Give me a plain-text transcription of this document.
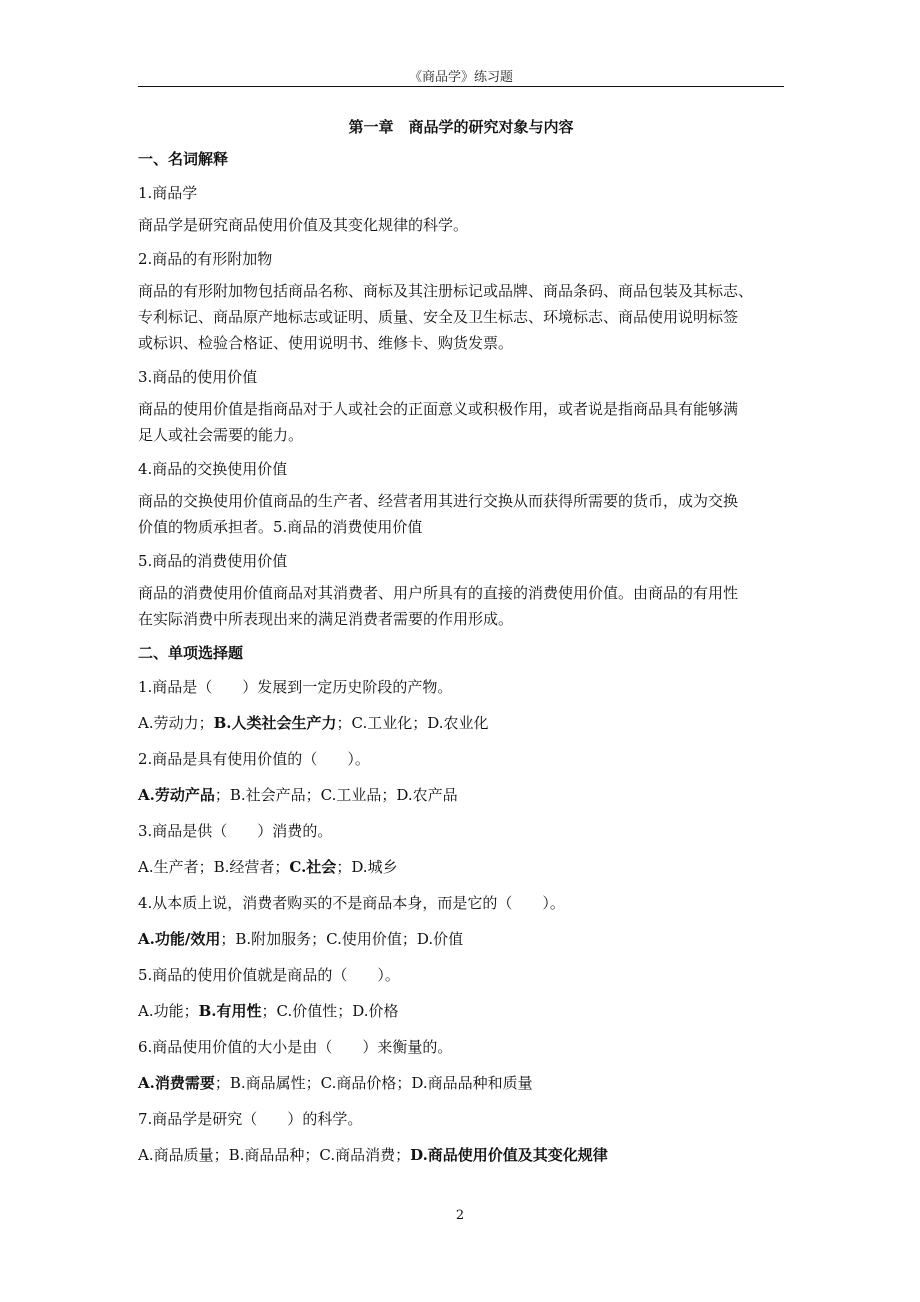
《商品学》练习题

第一章　商品学的研究对象与内容

一、名词解释

1.商品学

商品学是研究商品使用价值及其变化规律的科学。

2.商品的有形附加物

商品的有形附加物包括商品名称、商标及其注册标记或品牌、商品条码、商品包装及其标志、

专利标记、商品原产地标志或证明、质量、安全及卫生标志、环境标志、商品使用说明标签

或标识、检验合格证、使用说明书、维修卡、购货发票。

3.商品的使用价值

商品的使用价值是指商品对于人或社会的正面意义或积极作用，或者说是指商品具有能够满

足人或社会需要的能力。

4.商品的交换使用价值

商品的交换使用价值商品的生产者、经营者用其进行交换从而获得所需要的货币，成为交换

价值的物质承担者。5.商品的消费使用价值

5.商品的消费使用价值

商品的消费使用价值商品对其消费者、用户所具有的直接的消费使用价值。由商品的有用性

在实际消费中所表现出来的满足消费者需要的作用形成。

二、单项选择题

1.商品是（　　）发展到一定历史阶段的产物。

A.劳动力；B.人类社会生产力；C.工业化；D.农业化

2.商品是具有使用价值的（　　）。

A.劳动产品；B.社会产品；C.工业品；D.农产品

3.商品是供（　　）消费的。

A.生产者；B.经营者；C.社会；D.城乡

4.从本质上说，消费者购买的不是商品本身，而是它的（　　）。

A.功能/效用；B.附加服务；C.使用价值；D.价值

5.商品的使用价值就是商品的（　　）。

A.功能；B.有用性；C.价值性；D.价格

6.商品使用价值的大小是由（　　）来衡量的。

A.消费需要；B.商品属性；C.商品价格；D.商品品种和质量

7.商品学是研究（　　）的科学。

A.商品质量；B.商品品种；C.商品消费；D.商品使用价值及其变化规律

2
